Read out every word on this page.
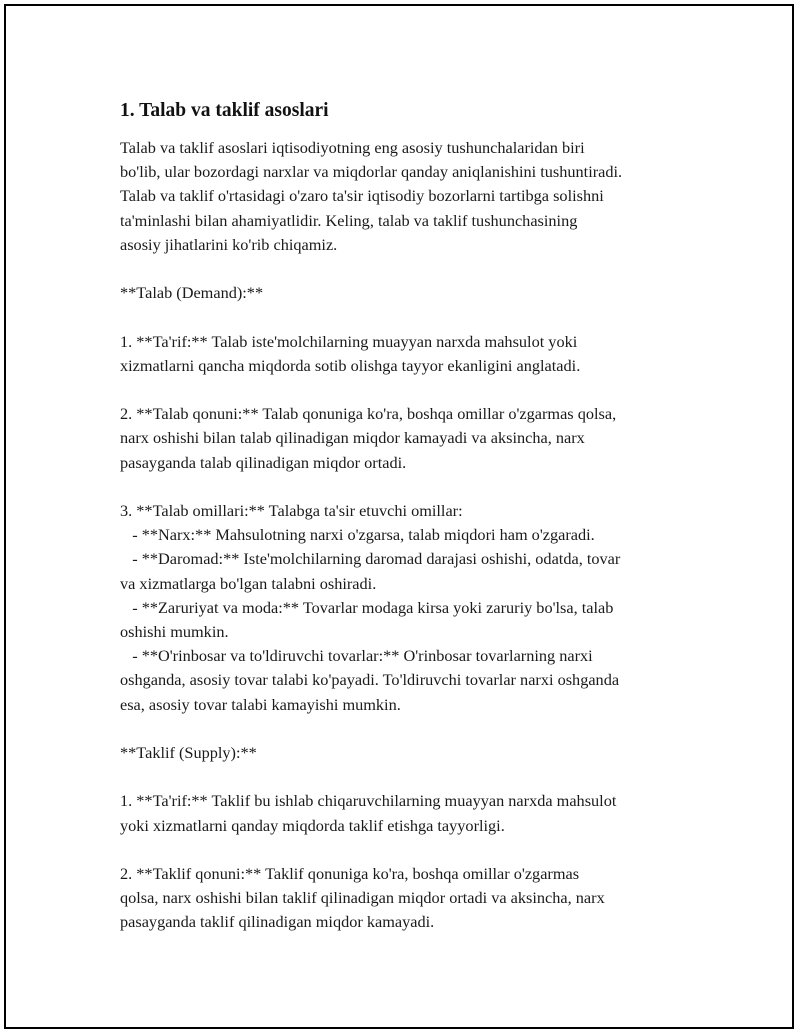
1. Talab va taklif asoslari

Talab va taklif asoslari iqtisodiyotning eng asosiy tushunchalaridan biri
bo'lib, ular bozordagi narxlar va miqdorlar qanday aniqlanishini tushuntiradi.
Talab va taklif o'rtasidagi o'zaro ta'sir iqtisodiy bozorlarni tartibga solishni
ta'minlashi bilan ahamiyatlidir. Keling, talab va taklif tushunchasining
asosiy jihatlarini ko'rib chiqamiz.

**Talab (Demand):**

1. **Ta'rif:** Talab iste'molchilarning muayyan narxda mahsulot yoki
xizmatlarni qancha miqdorda sotib olishga tayyor ekanligini anglatadi.

2. **Talab qonuni:** Talab qonuniga ko'ra, boshqa omillar o'zgarmas qolsa,
narx oshishi bilan talab qilinadigan miqdor kamayadi va aksincha, narx
pasayganda talab qilinadigan miqdor ortadi.

3. **Talab omillari:** Talabga ta'sir etuvchi omillar:
- **Narx:** Mahsulotning narxi o'zgarsa, talab miqdori ham o'zgaradi.
- **Daromad:** Iste'molchilarning daromad darajasi oshishi, odatda, tovar
va xizmatlarga bo'lgan talabni oshiradi.
- **Zaruriyat va moda:** Tovarlar modaga kirsa yoki zaruriy bo'lsa, talab
oshishi mumkin.
- **O'rinbosar va to'ldiruvchi tovarlar:** O'rinbosar tovarlarning narxi
oshganda, asosiy tovar talabi ko'payadi. To'ldiruvchi tovarlar narxi oshganda
esa, asosiy tovar talabi kamayishi mumkin.

**Taklif (Supply):**

1. **Ta'rif:** Taklif bu ishlab chiqaruvchilarning muayyan narxda mahsulot
yoki xizmatlarni qanday miqdorda taklif etishga tayyorligi.

2. **Taklif qonuni:** Taklif qonuniga ko'ra, boshqa omillar o'zgarmas
qolsa, narx oshishi bilan taklif qilinadigan miqdor ortadi va aksincha, narx
pasayganda taklif qilinadigan miqdor kamayadi.
